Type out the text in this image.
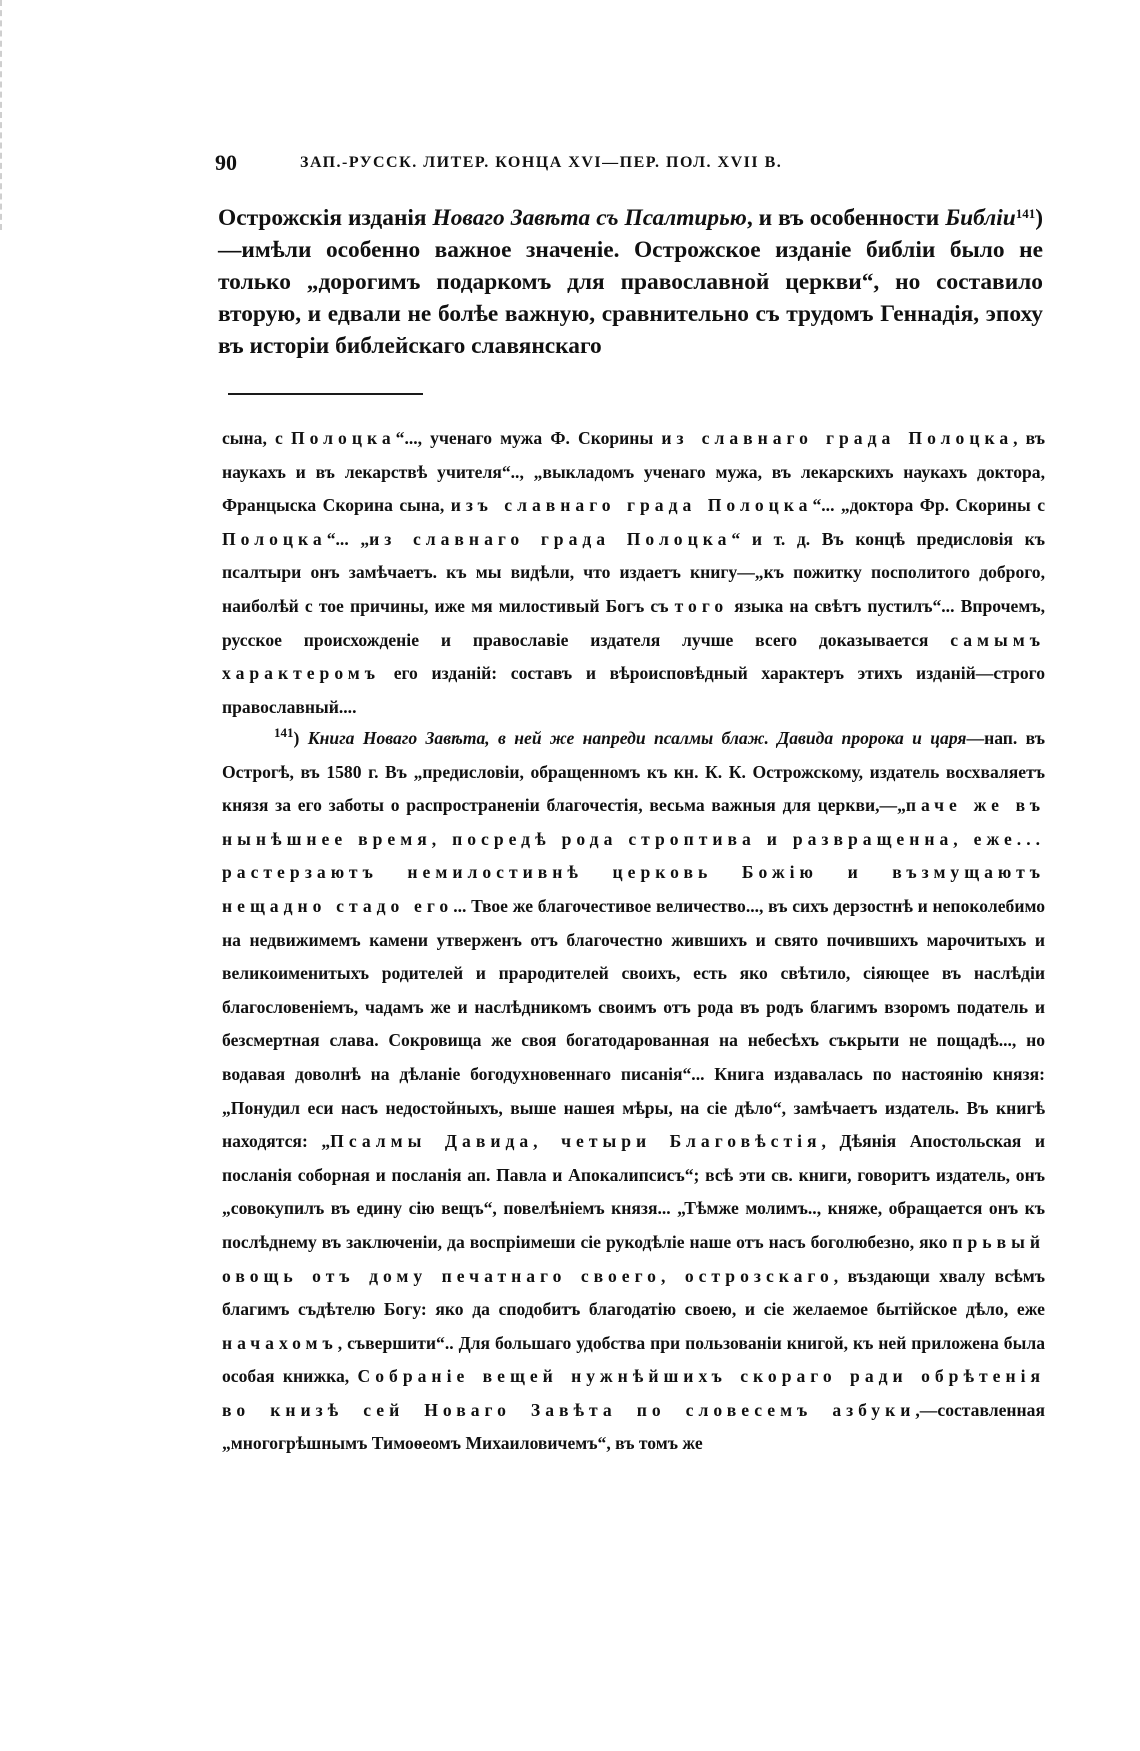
90	ЗАП.-РУССК. ЛИТЕР. КОНЦА XVI—ПЕР. ПОЛ. XVII В.

Острожскія изданія Новаго Завѣта съ Псалтирью, и въ особенности Библіи$^{141}$)—имѣли особенно важное значеніе. Острожское изданіе библіи было не только „дорогимъ подаркомъ для православной церкви“, но составило вторую, и едвали не болѣе важную, сравнительно съ трудомъ Геннадія, эпоху въ исторіи библейскаго славянскаго

сына, с Полоцка“..., ученаго мужа Ф. Скорины из славнаго града Полоцка, въ наукахъ и въ лекарствѣ учителя“.., „выкладомъ ученаго мужа, въ лекарскихъ наукахъ доктора, Францыска Скорина сына, изъ славнаго града Полоцка“... „доктора Фр. Скорины с Полоцка“... „из славнаго града Полоцка“ и т. д. Въ концѣ предисловія къ псалтыри онъ замѣчаетъ. къ мы видѣли, что издаетъ книгу—„къ пожитку посполитого доброго, наиболѣй с тое причины, иже мя милостивый Богъ съ того языка на свѣтъ пустилъ“... Впрочемъ, русское происхожденіе и православіе издателя лучше всего доказывается самымъ характеромъ его изданій: составъ и вѣроисповѣдный характеръ этихъ изданій—строго православный....

$^{141}$) Книга Новаго Завѣта, в ней же напреди псалмы блаж. Давида пророка и царя—нап. въ Острогѣ, въ 1580 г. Въ „предисловіи, обращенномъ къ кн. К. К. Острожскому, издатель восхваляетъ князя за его заботы о распространеніи благочестія, весьма важныя для церкви,—„паче же въ нынѣшнее время, посредѣ рода строптива и развращенна, еже... растерзаютъ немилостивнѣ церковь Божію и възмущаютъ нещадно стадо его... Твое же благочестивое величество..., въ сихъ дерзостнѣ и непоколебимо на недвижимемъ камени утверженъ отъ благочестно жившихъ и свято почившихъ марочитыхъ и великоименитыхъ родителей и прародителей своихъ, есть яко свѣтило, сіяющее въ наслѣдіи благословеніемъ, чадамъ же и наслѣдникомъ своимъ отъ рода въ родъ благимъ взоромъ податель и безсмертная слава. Сокровища же своя богатодарованная на небесѣхъ съкрыти не пощадѣ..., но водавая доволнѣ на дѣланіе богодухновеннаго писанія“... Книга издавалась по настоянію князя: „Понудил еси насъ недостойныхъ, выше нашея мѣры, на сіе дѣло“, замѣчаетъ издатель. Въ книгѣ находятся: „Псалмы Давида, четыри Благовѣстія, Дѣянія Апостольская и посланія соборная и посланія ап. Павла и Апокалипсисъ“; всѣ эти св. книги, говоритъ издатель, онъ „совокупилъ въ едину сію вещъ“, повелѣніемъ князя... „Тѣмже молимъ.., княже, обращается онъ къ послѣднему въ заключеніи, да воспріимеши сіе рукодѣліе наше отъ насъ боголюбезно, яко прьвый овощь отъ дому печатнаго своего, острозскаго, въздающи хвалу всѣмъ благимъ съдѣтелю Богу: яко да сподобитъ благодатію своею, и сіе желаемое бытійское дѣло, еже начахомъ, съвершити“.. Для большаго удобства при пользованіи книгой, къ ней приложена была особая книжка, Собраніе вещей нужнѣйшихъ скораго ради обрѣтенія во книзѣ сей Новаго Завѣта по словесемъ азбуки,—составленная „многогрѣшнымъ Тимоѳеомъ Михаиловичемъ“, въ томъ же
